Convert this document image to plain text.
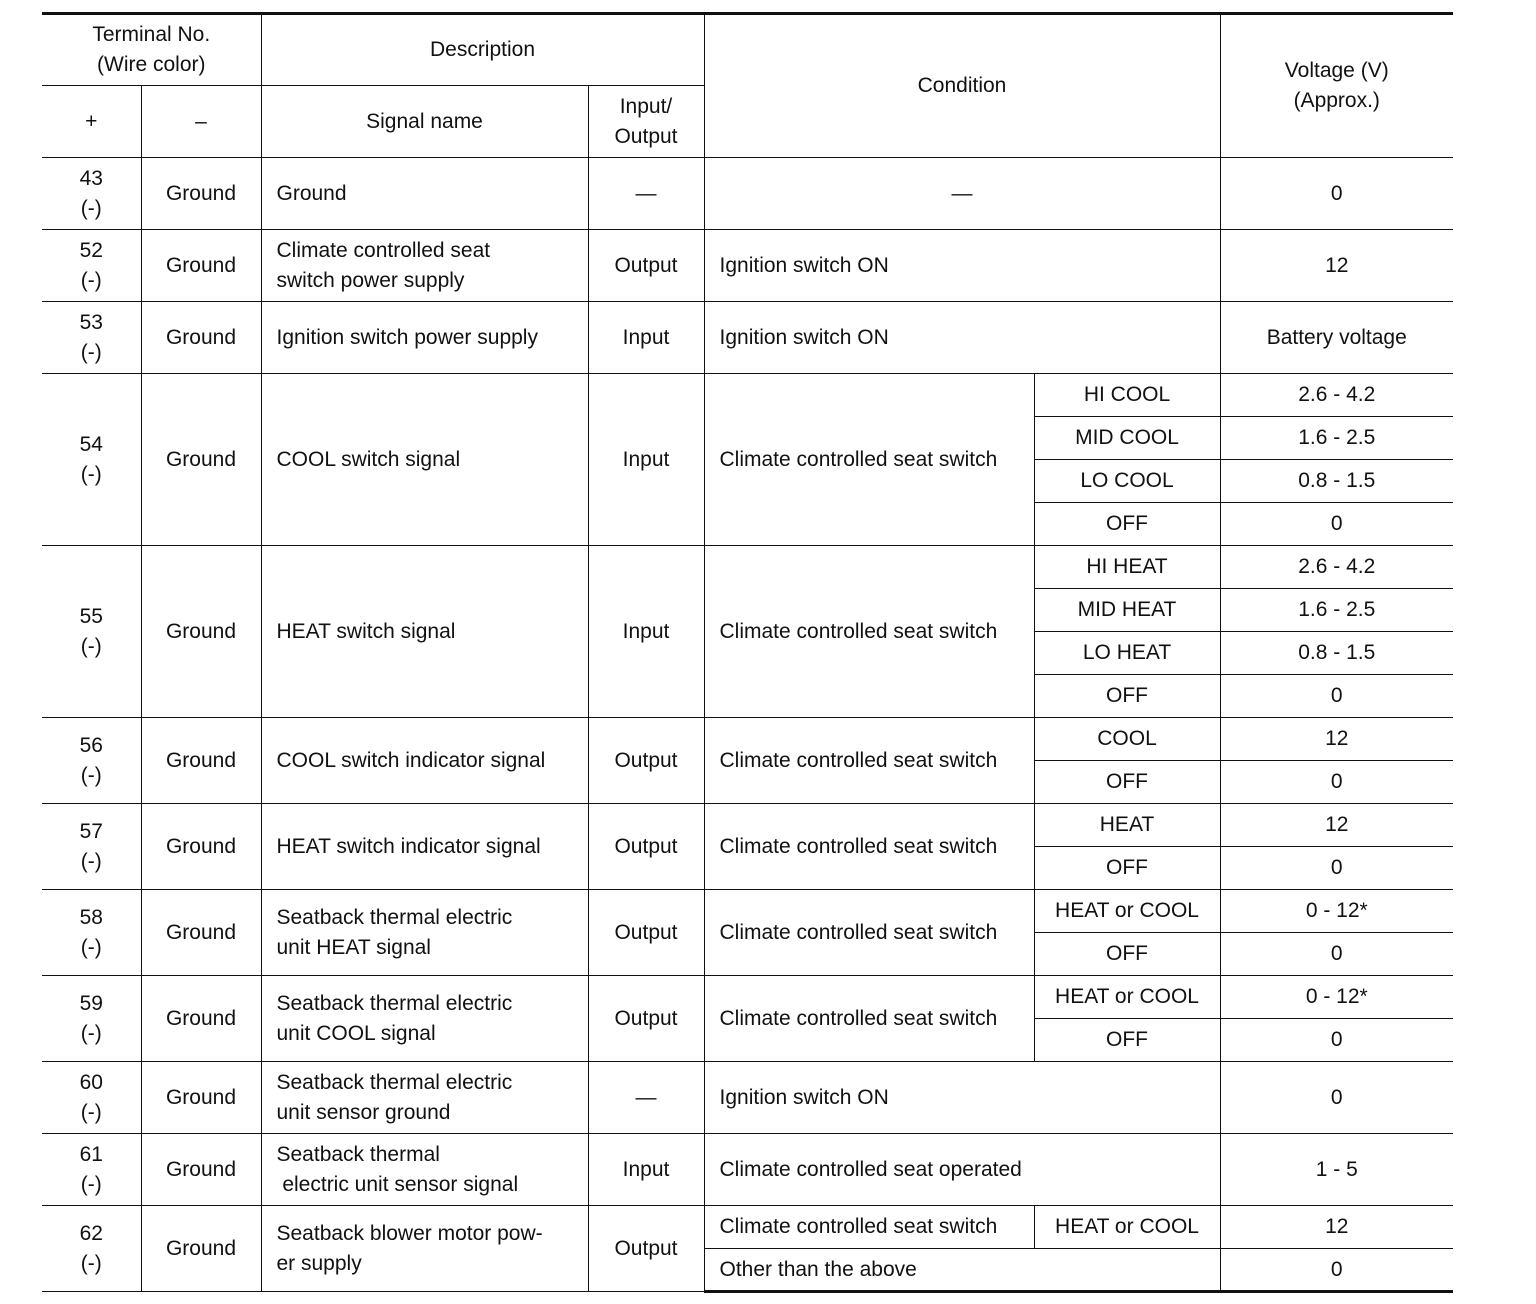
Terminal No.
(Wire color)		Description		Condition		Voltage (V)
(Approx.)

+	–	Signal name	Input/
Output			

43
(-)	Ground	Ground	—	—		0

52
(-)	Ground	Climate controlled seat
switch power supply	Output	Ignition switch ON		12

53
(-)	Ground	Ignition switch power supply	Input	Ignition switch ON		Battery voltage

54
(-)	Ground	COOL switch signal	Input	Climate controlled seat switch	HI COOL	2.6 - 4.2
					MID COOL	1.6 - 2.5
					LO COOL	0.8 - 1.5
					OFF	0

55
(-)	Ground	HEAT switch signal	Input	Climate controlled seat switch	HI HEAT	2.6 - 4.2
					MID HEAT	1.6 - 2.5
					LO HEAT	0.8 - 1.5
					OFF	0

56
(-)	Ground	COOL switch indicator signal	Output	Climate controlled seat switch	COOL	12
					OFF	0

57
(-)	Ground	HEAT switch indicator signal	Output	Climate controlled seat switch	HEAT	12
					OFF	0

58
(-)	Ground	Seatback thermal electric
unit HEAT signal	Output	Climate controlled seat switch	HEAT or COOL	0 - 12*
					OFF	0

59
(-)	Ground	Seatback thermal electric
unit COOL signal	Output	Climate controlled seat switch	HEAT or COOL	0 - 12*
					OFF	0

60
(-)	Ground	Seatback thermal electric
unit sensor ground	—	Ignition switch ON		0

61
(-)	Ground	Seatback thermal
electric unit sensor signal	Input	Climate controlled seat operated		1 - 5

62
(-)	Ground	Seatback blower motor pow-
er supply	Output	Climate controlled seat switch	HEAT or COOL	12
				Other than the above		0
